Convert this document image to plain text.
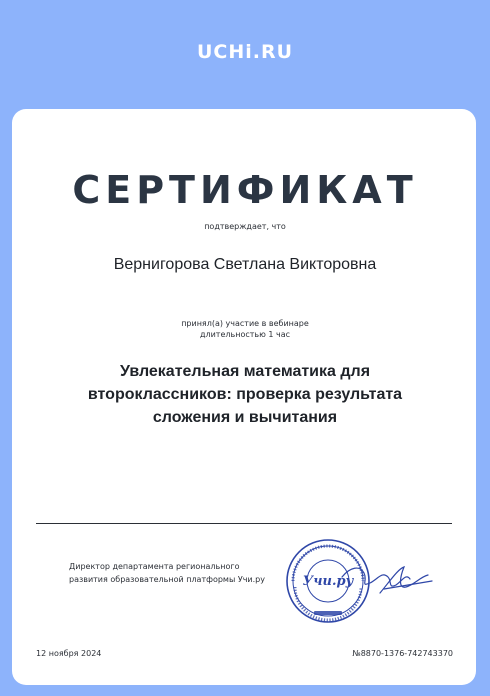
UCHi.RU
СЕРТИФИКАТ
подтверждает, что
Вернигорова Светлана Викторовна
принял(а) участие в вебинаре
длительностью 1 час
Увлекательная математика для
второклассников: проверка результата
сложения и вычитания
Директор департамента регионального
развития образовательной платформы Учи.ру	Учи.ру
12 ноября 2024	№8870-1376-742743370
